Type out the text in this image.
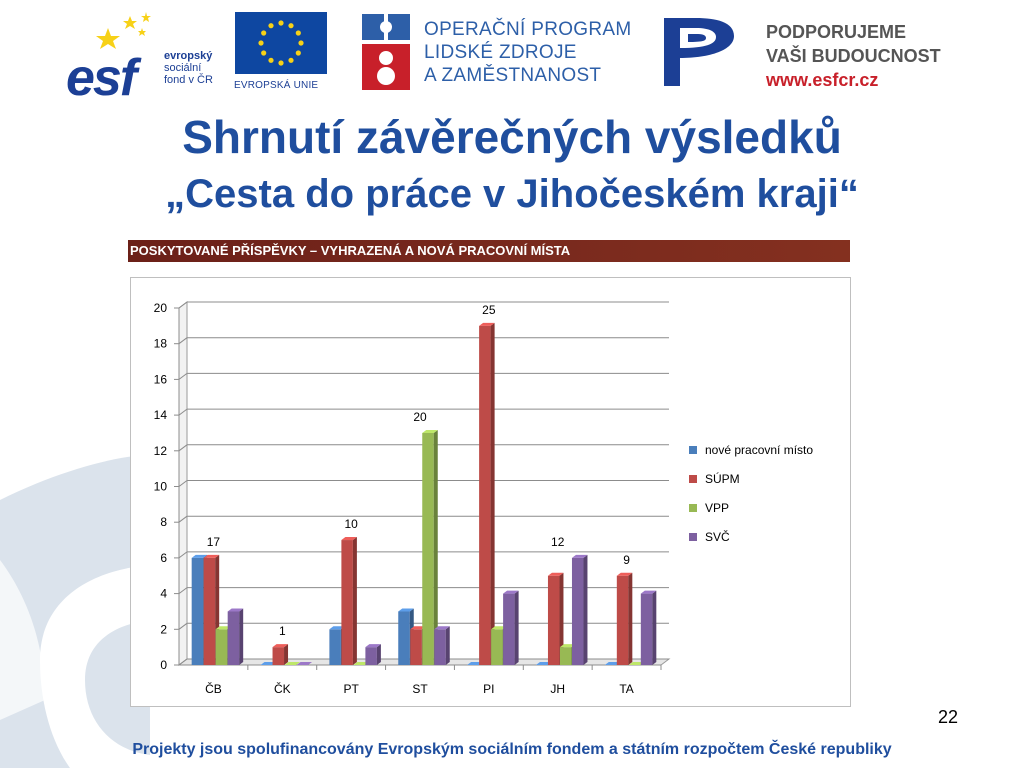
esf	evropský
sociální
fond v ČR EVROPSKÁ UNIE
OPERAČNÍ PROGRAM
LIDSKÉ ZDROJE
A ZAMĚSTNANOST
PODPORUJEME
VAŠI BUDOUCNOST
www.esfcr.cz
Shrnutí závěrečných výsledků
„Cesta do práce v Jihočeském kraji“
POSKYTOVANÉ PŘÍSPĚVKY – VYHRAZENÁ A NOVÁ PRACOVNÍ MÍSTA
0
2
4
6
8
10
12
14
16
18
20
17
ČB
1
ČK
10
PT
20
ST
25
PI
12
JH
9
TA
nové pracovní místo
SÚPM
VPP
SVČ
22
Projekty jsou spolufinancovány Evropským sociálním fondem a státním rozpočtem České republiky
